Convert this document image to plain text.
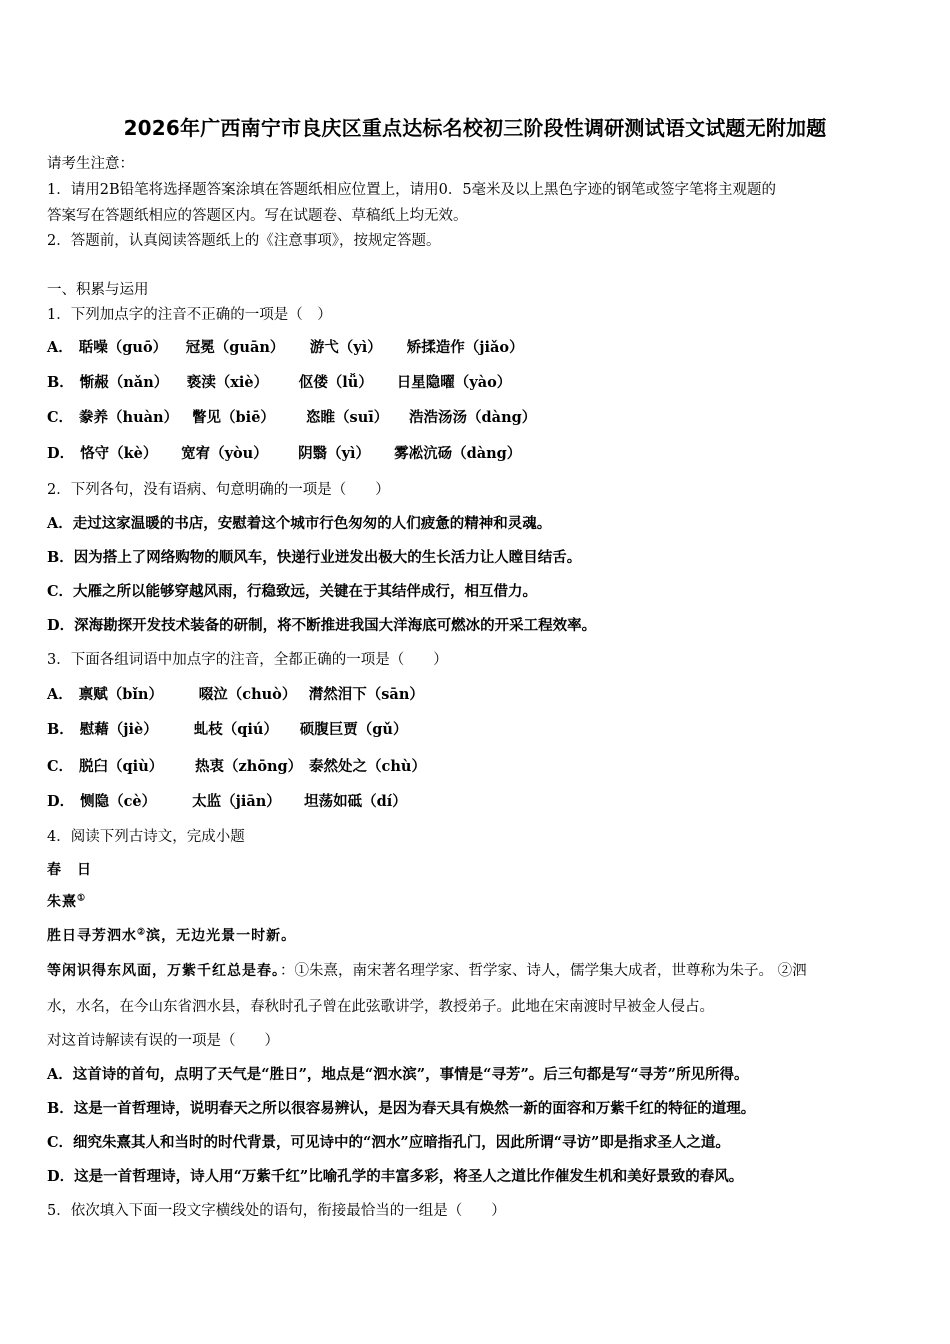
2026年广西南宁市良庆区重点达标名校初三阶段性调研测试语文试题无附加题
请考生注意：
1．请用2B铅笔将选择题答案涂填在答题纸相应位置上，请用0．5毫米及以上黑色字迹的钢笔或签字笔将主观题的
答案写在答题纸相应的答题区内。写在试题卷、草稿纸上均无效。
2．答题前，认真阅读答题纸上的《注意事项》，按规定答题。
一、积累与运用
1．下列加点字的注音不正确的一项是（　）
A． 聒噪（guō） 冠冕（guān） 游弋（yì） 矫揉造作（jiǎo）
B． 惭赧（nǎn） 亵渎（xiè） 伛偻（lǚ） 日星隐曜（yào）
C． 豢养（huàn） 瞥见（biē） 恣睢（suī） 浩浩汤汤（dàng）
D． 恪守（kè） 宽宥（yòu） 阴翳（yì） 雾凇沆砀（dàng）
2．下列各句，没有语病、句意明确的一项是（　　）
A．走过这家温暖的书店，安慰着这个城市行色匆匆的人们疲惫的精神和灵魂。
B．因为搭上了网络购物的顺风车，快递行业迸发出极大的生长活力让人瞠目结舌。
C．大雁之所以能够穿越风雨，行稳致远，关键在于其结伴成行，相互借力。
D．深海勘探开发技术装备的研制，将不断推进我国大洋海底可燃冰的开采工程效率。
3．下面各组词语中加点字的注音，全都正确的一项是（　　）
A． 禀赋（bǐn） 啜泣（chuò） 潸然泪下（sān）
B． 慰藉（jiè） 虬枝（qiú） 硕腹巨贾（gǔ）
C． 脱臼（qiù） 热衷（zhōng） 泰然处之（chù）
D． 恻隐（cè） 太监（jiān） 坦荡如砥（dí）
4．阅读下列古诗文，完成小题
春　日
朱熹①
胜日寻芳泗水②滨，无边光景一时新。
等闲识得东风面，万紫千红总是春。：①朱熹，南宋著名理学家、哲学家、诗人，儒学集大成者，世尊称为朱子。 ②泗
水，水名，在今山东省泗水县，春秋时孔子曾在此弦歌讲学，教授弟子。此地在宋南渡时早被金人侵占。
对这首诗解读有误的一项是（　　）
A．这首诗的首句，点明了天气是“胜日”，地点是“泗水滨”，事情是“寻芳”。后三句都是写“寻芳”所见所得。
B．这是一首哲理诗，说明春天之所以很容易辨认，是因为春天具有焕然一新的面容和万紫千红的特征的道理。
C．细究朱熹其人和当时的时代背景，可见诗中的“泗水”应暗指孔门，因此所谓“寻访”即是指求圣人之道。
D．这是一首哲理诗，诗人用“万紫千红”比喻孔学的丰富多彩，将圣人之道比作催发生机和美好景致的春风。
5．依次填入下面一段文字横线处的语句，衔接最恰当的一组是（　　）
